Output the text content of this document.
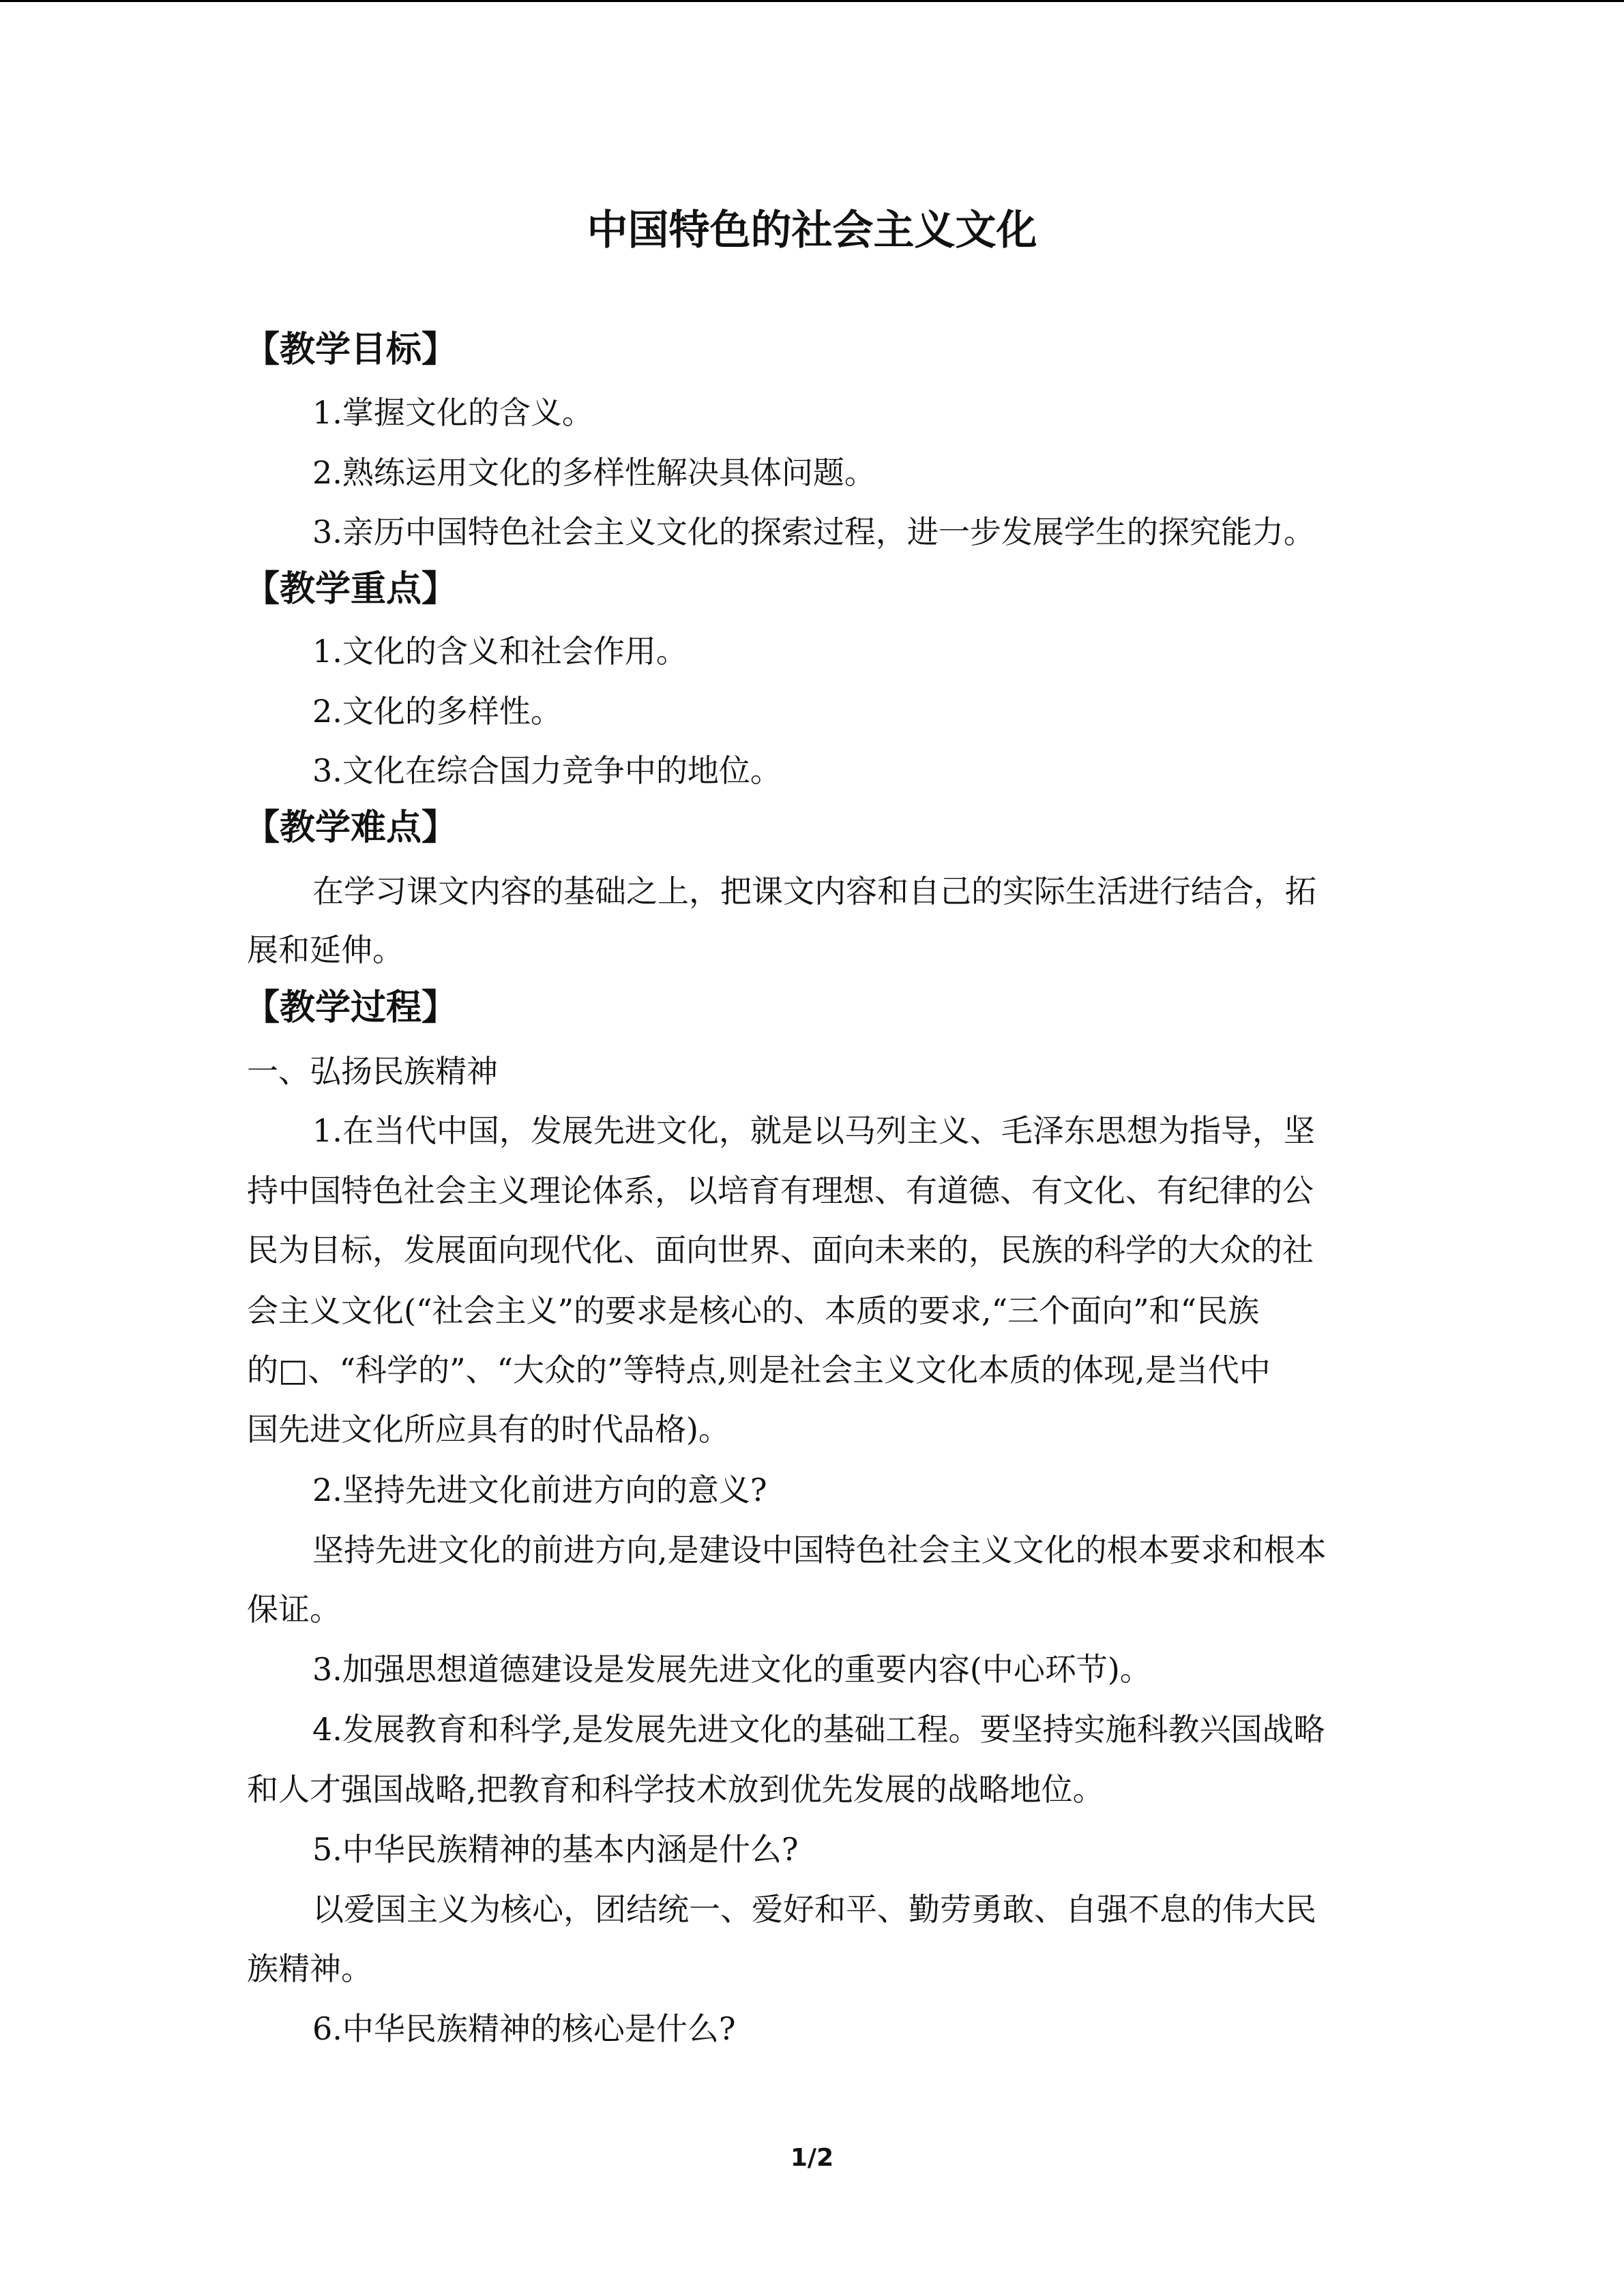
中国特色的社会主义文化

【教学目标】

1.掌握文化的含义。

2.熟练运用文化的多样性解决具体问题。

3.亲历中国特色社会主义文化的探索过程，进一步发展学生的探究能力。

【教学重点】

1.文化的含义和社会作用。

2.文化的多样性。

3.文化在综合国力竞争中的地位。

【教学难点】

在学习课文内容的基础之上，把课文内容和自己的实际生活进行结合，拓

展和延伸。

【教学过程】

一、弘扬民族精神

1.在当代中国，发展先进文化，就是以马列主义、毛泽东思想为指导，坚

持中国特色社会主义理论体系，以培育有理想、有道德、有文化、有纪律的公

民为目标，发展面向现代化、面向世界、面向未来的，民族的科学的大众的社

会主义文化(“社会主义”的要求是核心的、本质的要求,“三个面向”和“民族

的□、“科学的”、“大众的”等特点,则是社会主义文化本质的体现,是当代中

国先进文化所应具有的时代品格)。

2.坚持先进文化前进方向的意义?

坚持先进文化的前进方向,是建设中国特色社会主义文化的根本要求和根本

保证。

3.加强思想道德建设是发展先进文化的重要内容(中心环节)。

4.发展教育和科学,是发展先进文化的基础工程。要坚持实施科教兴国战略

和人才强国战略,把教育和科学技术放到优先发展的战略地位。

5.中华民族精神的基本内涵是什么?

以爱国主义为核心，团结统一、爱好和平、勤劳勇敢、自强不息的伟大民

族精神。

6.中华民族精神的核心是什么?

1/2
